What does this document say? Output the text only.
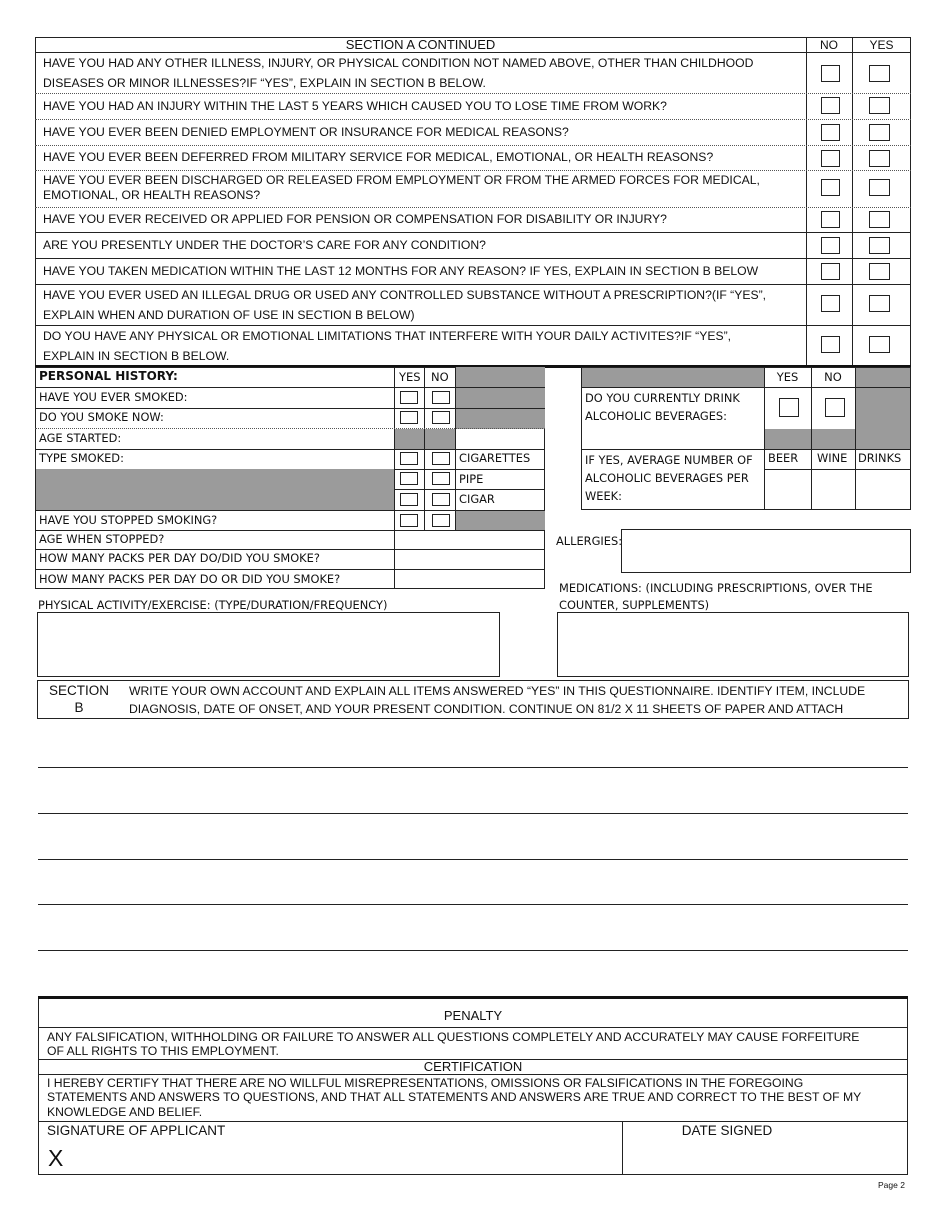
SECTION A CONTINUED	NO	YES
HAVE YOU HAD ANY OTHER ILLNESS, INJURY, OR PHYSICAL CONDITION NOT NAMED ABOVE, OTHER THAN CHILDHOOD
DISEASES OR MINOR ILLNESSES?IF “YES”, EXPLAIN IN SECTION B BELOW.
HAVE YOU HAD AN INJURY WITHIN THE LAST 5 YEARS WHICH CAUSED YOU TO LOSE TIME FROM WORK?
HAVE YOU EVER BEEN DENIED EMPLOYMENT OR INSURANCE FOR MEDICAL REASONS?
HAVE YOU EVER BEEN DEFERRED FROM MILITARY SERVICE FOR MEDICAL, EMOTIONAL, OR HEALTH REASONS?
HAVE YOU EVER BEEN DISCHARGED OR RELEASED FROM EMPLOYMENT OR FROM THE ARMED FORCES FOR MEDICAL,
EMOTIONAL, OR HEALTH REASONS?
HAVE YOU EVER RECEIVED OR APPLIED FOR PENSION OR COMPENSATION FOR DISABILITY OR INJURY?
ARE YOU PRESENTLY UNDER THE DOCTOR’S CARE FOR ANY CONDITION?
HAVE YOU TAKEN MEDICATION WITHIN THE LAST 12 MONTHS FOR ANY REASON? IF YES, EXPLAIN IN SECTION B BELOW
HAVE YOU EVER USED AN ILLEGAL DRUG OR USED ANY CONTROLLED SUBSTANCE WITHOUT A PRESCRIPTION?(IF “YES”,
EXPLAIN WHEN AND DURATION OF USE IN SECTION B BELOW)
DO YOU HAVE ANY PHYSICAL OR EMOTIONAL LIMITATIONS THAT INTERFERE WITH YOUR DAILY ACTIVITES?IF “YES”,
EXPLAIN IN SECTION B BELOW.
PERSONAL HISTORY:	YES NO
HAVE YOU EVER SMOKED:
DO YOU SMOKE NOW:
AGE STARTED:
TYPE SMOKED:	CIGARETTES
PIPE
CIGAR
HAVE YOU STOPPED SMOKING?
AGE WHEN STOPPED?
HOW MANY PACKS PER DAY DO/DID YOU SMOKE?
HOW MANY PACKS PER DAY DO OR DID YOU SMOKE?
YES	NO
DO YOU CURRENTLY DRINK
ALCOHOLIC BEVERAGES:
IF YES, AVERAGE NUMBER OF
ALCOHOLIC BEVERAGES PER
WEEK:
BEER WINE DRINKS
ALLERGIES:
MEDICATIONS: (INCLUDING PRESCRIPTIONS, OVER THE
COUNTER, SUPPLEMENTS)
PHYSICAL ACTIVITY/EXERCISE: (TYPE/DURATION/FREQUENCY)
SECTION
B
WRITE YOUR OWN ACCOUNT AND EXPLAIN ALL ITEMS ANSWERED “YES” IN THIS QUESTIONNAIRE. IDENTIFY ITEM, INCLUDE
DIAGNOSIS, DATE OF ONSET, AND YOUR PRESENT CONDITION. CONTINUE ON 81/2 X 11 SHEETS OF PAPER AND ATTACH
PENALTY
ANY FALSIFICATION, WITHHOLDING OR FAILURE TO ANSWER ALL QUESTIONS COMPLETELY AND ACCURATELY MAY CAUSE FORFEITURE
OF ALL RIGHTS TO THIS EMPLOYMENT.
CERTIFICATION
I HEREBY CERTIFY THAT THERE ARE NO WILLFUL MISREPRESENTATIONS, OMISSIONS OR FALSIFICATIONS IN THE FOREGOING
STATEMENTS AND ANSWERS TO QUESTIONS, AND THAT ALL STATEMENTS AND ANSWERS ARE TRUE AND CORRECT TO THE BEST OF MY
KNOWLEDGE AND BELIEF.
SIGNATURE OF APPLICANT
X
DATE SIGNED
Page 2
